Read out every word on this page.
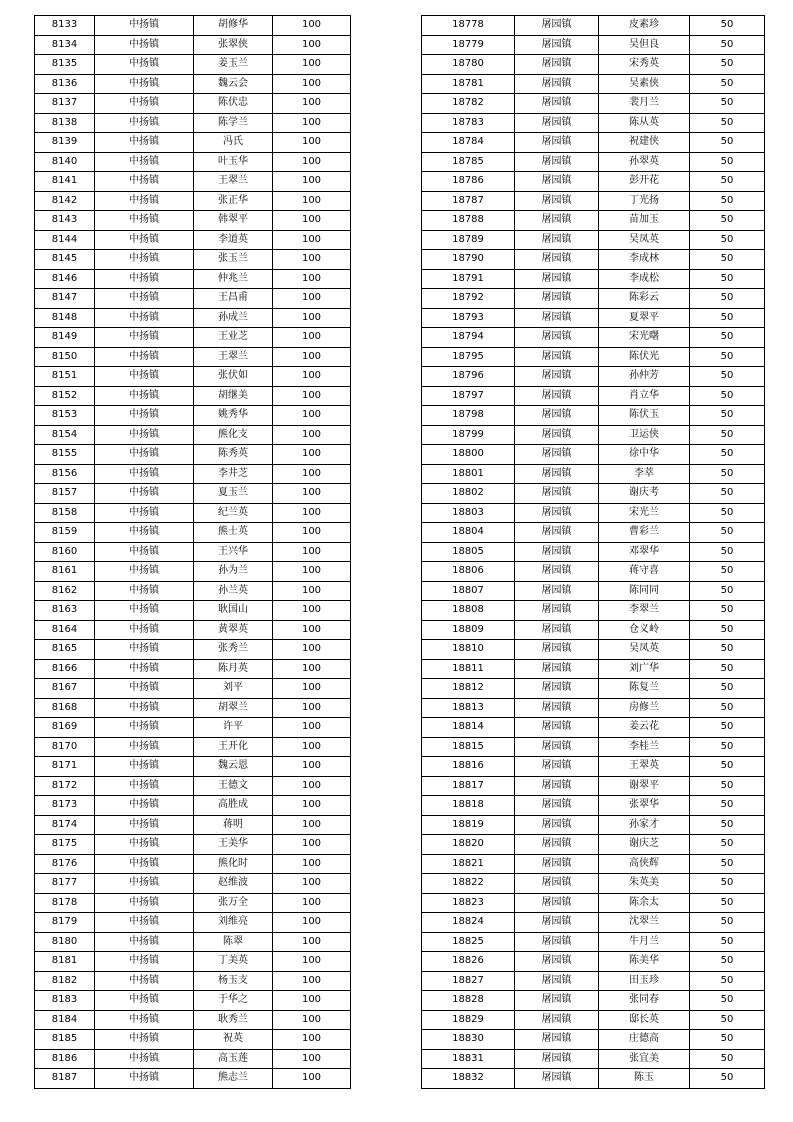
8133	中扬镇	胡修华	100
8134	中扬镇	张翠侠	100
8135	中扬镇	姜玉兰	100
8136	中扬镇	魏云会	100
8137	中扬镇	陈伏忠	100
8138	中扬镇	陈学兰	100
8139	中扬镇	冯氏	100
8140	中扬镇	叶玉华	100
8141	中扬镇	王翠兰	100
8142	中扬镇	张正华	100
8143	中扬镇	韩翠平	100
8144	中扬镇	李道英	100
8145	中扬镇	张玉兰	100
8146	中扬镇	仲兆兰	100
8147	中扬镇	王昌甫	100
8148	中扬镇	孙成兰	100
8149	中扬镇	王业芝	100
8150	中扬镇	王翠兰	100
8151	中扬镇	张伏如	100
8152	中扬镇	胡继美	100
8153	中扬镇	姚秀华	100
8154	中扬镇	熊化支	100
8155	中扬镇	陈秀英	100
8156	中扬镇	李井芝	100
8157	中扬镇	夏玉兰	100
8158	中扬镇	纪兰英	100
8159	中扬镇	熊士英	100
8160	中扬镇	王兴华	100
8161	中扬镇	孙为兰	100
8162	中扬镇	孙兰英	100
8163	中扬镇	耿国山	100
8164	中扬镇	黄翠英	100
8165	中扬镇	张秀兰	100
8166	中扬镇	陈月英	100
8167	中扬镇	刘平	100
8168	中扬镇	胡翠兰	100
8169	中扬镇	许平	100
8170	中扬镇	王开化	100
8171	中扬镇	魏云恩	100
8172	中扬镇	王德文	100
8173	中扬镇	高胜成	100
8174	中扬镇	蒋明	100
8175	中扬镇	王美华	100
8176	中扬镇	熊化时	100
8177	中扬镇	赵维波	100
8178	中扬镇	张万全	100
8179	中扬镇	刘维亮	100
8180	中扬镇	陈翠	100
8181	中扬镇	丁美英	100
8182	中扬镇	杨玉支	100
8183	中扬镇	于华之	100
8184	中扬镇	耿秀兰	100
8185	中扬镇	祝英	100
8186	中扬镇	高玉莲	100
8187	中扬镇	熊志兰	100
18778	屠园镇	皮素珍	50
18779	屠园镇	吴但良	50
18780	屠园镇	宋秀英	50
18781	屠园镇	吴素侠	50
18782	屠园镇	裴月兰	50
18783	屠园镇	陈从英	50
18784	屠园镇	祝建侠	50
18785	屠园镇	孙翠英	50
18786	屠园镇	彭开花	50
18787	屠园镇	丁光扬	50
18788	屠园镇	苗加玉	50
18789	屠园镇	吴凤英	50
18790	屠园镇	李成林	50
18791	屠园镇	李成松	50
18792	屠园镇	陈彩云	50
18793	屠园镇	夏翠平	50
18794	屠园镇	宋光曙	50
18795	屠园镇	陈伏光	50
18796	屠园镇	孙仲芳	50
18797	屠园镇	肖立华	50
18798	屠园镇	陈伏玉	50
18799	屠园镇	卫运侠	50
18800	屠园镇	徐中华	50
18801	屠园镇	李萃	50
18802	屠园镇	谢庆考	50
18803	屠园镇	宋光兰	50
18804	屠园镇	曹彩兰	50
18805	屠园镇	邓翠华	50
18806	屠园镇	蒋守喜	50
18807	屠园镇	陈同同	50
18808	屠园镇	李翠兰	50
18809	屠园镇	仓义岭	50
18810	屠园镇	吴凤英	50
18811	屠园镇	刘广华	50
18812	屠园镇	陈复兰	50
18813	屠园镇	房修兰	50
18814	屠园镇	姜云花	50
18815	屠园镇	李桂兰	50
18816	屠园镇	王翠英	50
18817	屠园镇	谢翠平	50
18818	屠园镇	张翠华	50
18819	屠园镇	孙家才	50
18820	屠园镇	谢庆芝	50
18821	屠园镇	高侠辉	50
18822	屠园镇	朱英美	50
18823	屠园镇	陈余太	50
18824	屠园镇	沈翠兰	50
18825	屠园镇	牛月兰	50
18826	屠园镇	陈美华	50
18827	屠园镇	田玉珍	50
18828	屠园镇	张同春	50
18829	屠园镇	邸长英	50
18830	屠园镇	庄德高	50
18831	屠园镇	张宜美	50
18832	屠园镇	陈玉	50
